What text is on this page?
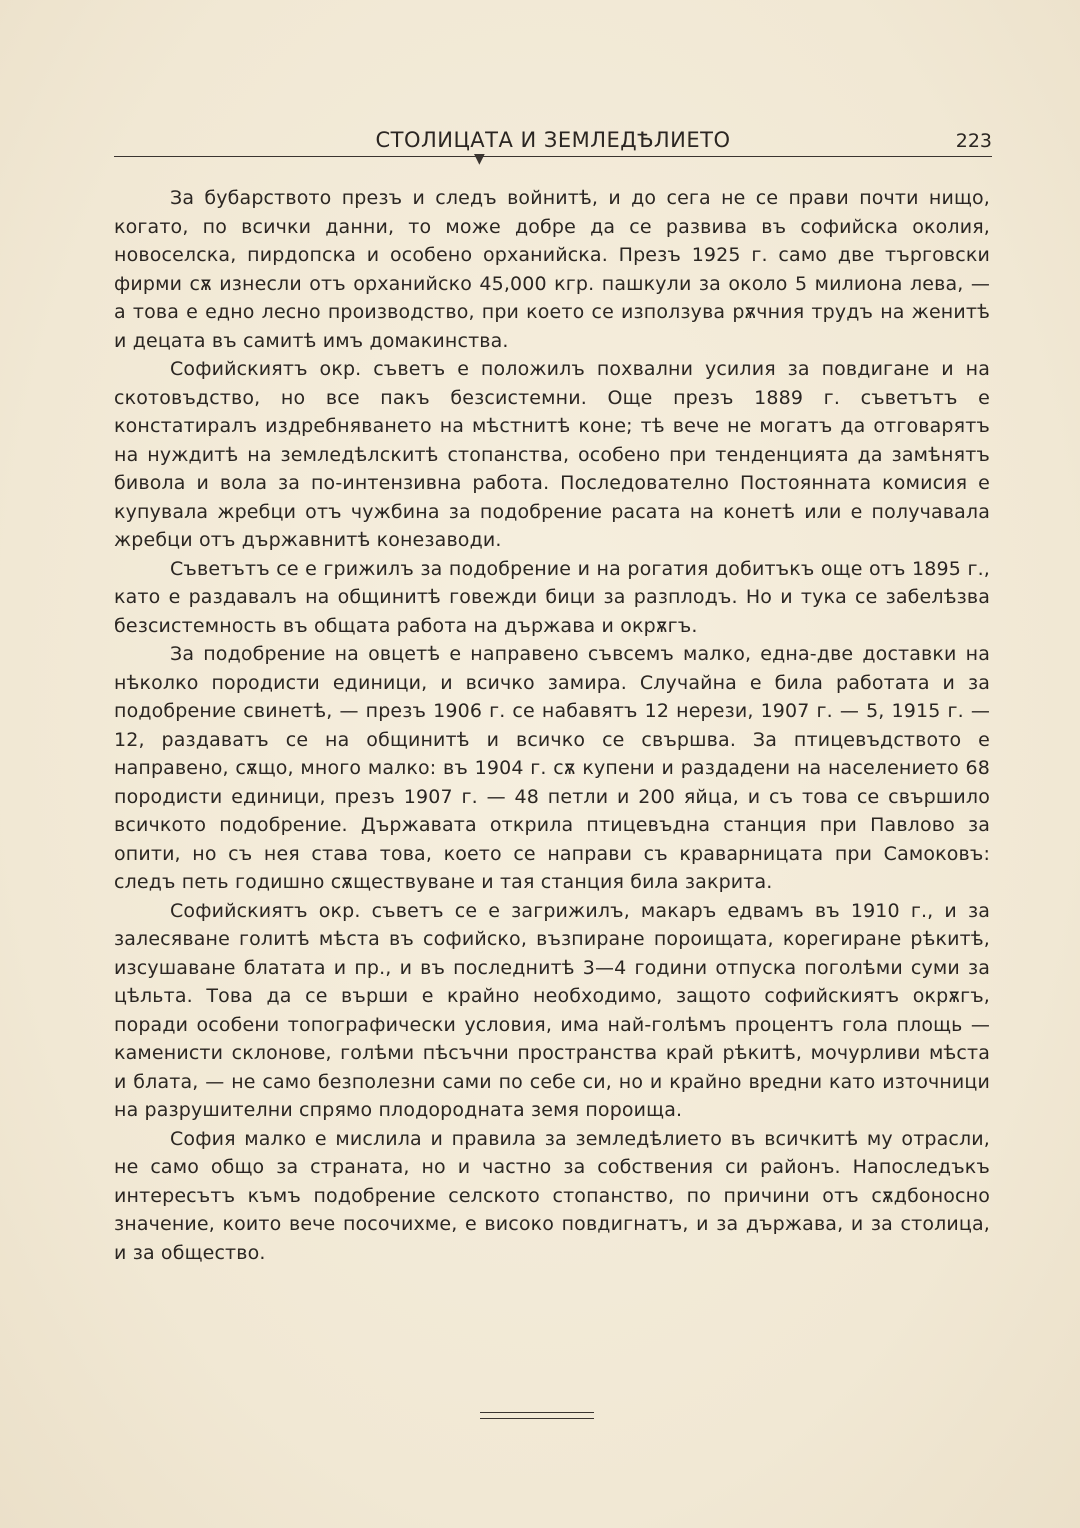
СТОЛИЦАТА И ЗЕМЛЕДѢЛИЕТО	223
▼

За бубарството презъ и следъ войнитѣ, и до сега не се прави почти нищо, когато, по всички данни, то може добре да се развива въ софийска околия, новоселска, пирдопска и особено орханийска. Презъ 1925 г. само две търговски фирми сѫ изнесли отъ орханийско 45,000 кгр. пашкули за около 5 милиона лева, — а това е едно лесно производство, при което се използува рѫчния трудъ на женитѣ и децата въ самитѣ имъ домакинства.

Софийскиятъ окр. съветъ е положилъ похвални усилия за повдигане и на скотовъдство, но все пакъ безсистемни. Още презъ 1889 г. съветътъ е констатиралъ издребняването на мѣстнитѣ коне; тѣ вече не могатъ да отговарятъ на нуждитѣ на земледѣлскитѣ стопанства, особено при тенденцията да замѣнятъ бивола и вола за по-интензивна работа. Последователно Постоянната комисия е купувала жребци отъ чужбина за подобрение расата на конетѣ или е получавала жребци отъ държавнитѣ конезаводи.

Съветътъ се е грижилъ за подобрение и на рогатия добитъкъ още отъ 1895 г., като е раздавалъ на общинитѣ говежди бици за разплодъ. Но и тука се забелѣзва безсистемность въ общата работа на държава и окрѫгъ.

За подобрение на овцетѣ е направено съвсемъ малко, една-две доставки на нѣколко породисти единици, и всичко замира. Случайна е била работата и за подобрение свинетѣ, — презъ 1906 г. се набавятъ 12 нерези, 1907 г. — 5, 1915 г. — 12, раздаватъ се на общинитѣ и всичко се свършва. За птицевъдството е направено, сѫщо, много малко: въ 1904 г. сѫ купени и раздадени на населението 68 породисти единици, презъ 1907 г. — 48 петли и 200 яйца, и съ това се свършило всичкото подобрение. Държавата открила птицевъдна станция при Павлово за опити, но съ нея става това, което се направи съ краварницата при Самоковъ: следъ петь годишно сѫществуване и тая станция била закрита.

Софийскиятъ окр. съветъ се е загрижилъ, макаръ едвамъ въ 1910 г., и за залесяване голитѣ мѣста въ софийско, възпиране пороищата, корегиране рѣкитѣ, изсушаване блатата и пр., и въ последнитѣ 3—4 години отпуска поголѣми суми за цѣльта. Това да се върши е крайно необходимо, защото софийскиятъ окрѫгъ, поради особени топографически условия, има най-голѣмъ процентъ гола площь — каменисти склонове, голѣми пѣсъчни пространства край рѣкитѣ, мочурливи мѣста и блата, — не само безполезни сами по себе си, но и крайно вредни като източници на разрушителни спрямо плодородната земя пороища.

София малко е мислила и правила за земледѣлието въ всичкитѣ му отрасли, не само общо за страната, но и частно за собствения си районъ. Напоследъкъ интересътъ къмъ подобрение селското стопанство, по причини отъ сѫдбоносно значение, които вече посочихме, е високо повдигнатъ, и за държава, и за столица, и за общество.
